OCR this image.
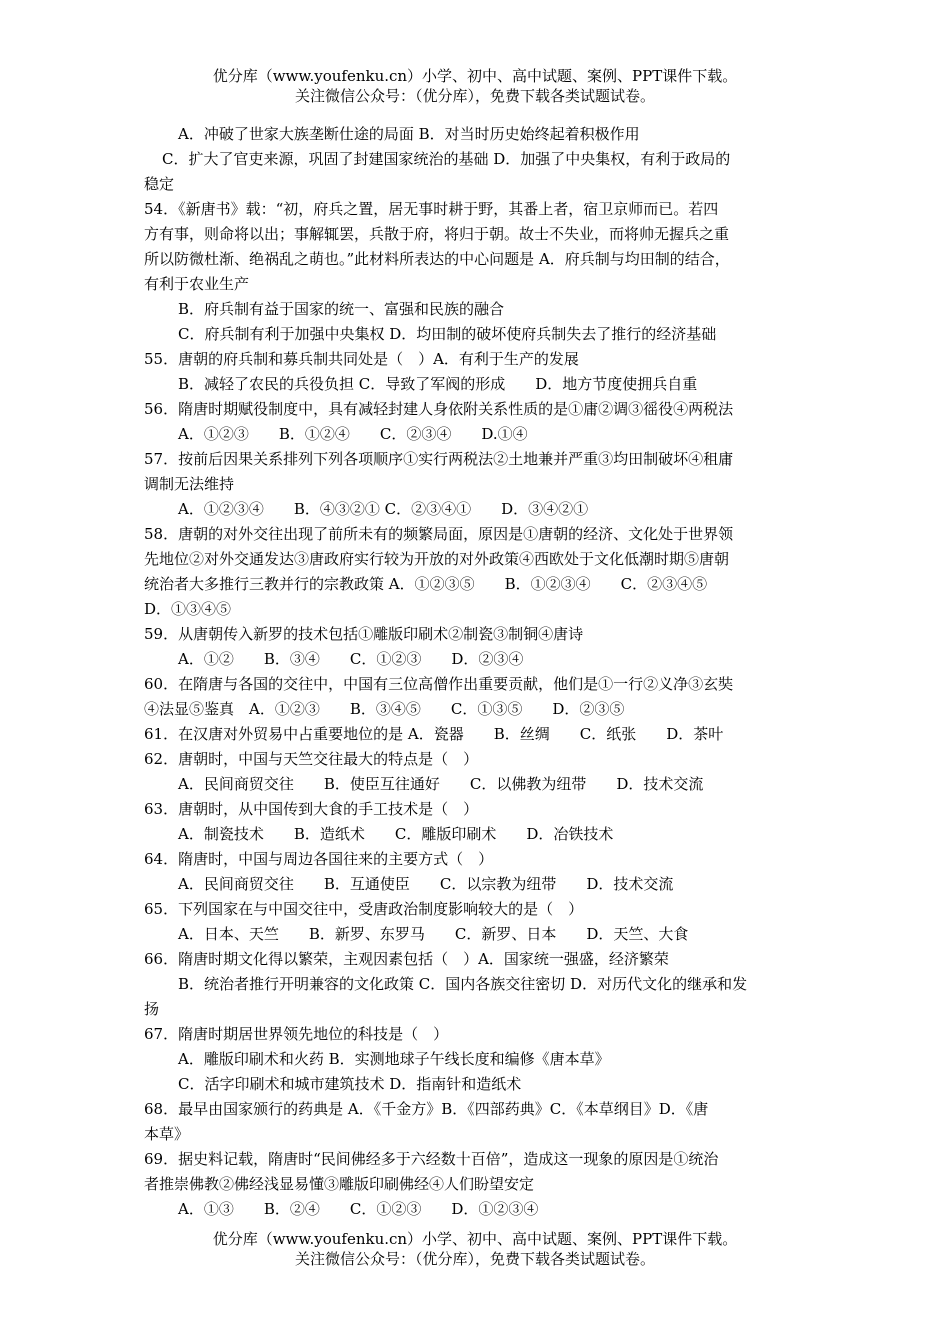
优分库（www.youfenku.cn）小学、初中、高中试题、案例、PPT课件下载。
关注微信公众号：（优分库），免费下载各类试题试卷。
A．冲破了世家大族垄断仕途的局面 B．对当时历史始终起着积极作用
C．扩大了官吏来源，巩固了封建国家统治的基础 D．加强了中央集权，有利于政局的
稳定
54．《新唐书》载：“初，府兵之置，居无事时耕于野，其番上者，宿卫京师而已。若四
方有事，则命将以出；事解辄罢，兵散于府，将归于朝。故士不失业，而将帅无握兵之重
所以防微杜渐、绝祸乱之萌也。”此材料所表达的中心问题是 A．府兵制与均田制的结合，
有利于农业生产
B．府兵制有益于国家的统一、富强和民族的融合
C．府兵制有利于加强中央集权 D．均田制的破坏使府兵制失去了推行的经济基础
55．唐朝的府兵制和募兵制共同处是（　）A．有利于生产的发展
B．减轻了农民的兵役负担 C．导致了军阀的形成　　D．地方节度使拥兵自重
56．隋唐时期赋役制度中，具有减轻封建人身依附关系性质的是①庸②调③徭役④两税法
A．①②③　　B．①②④　　C．②③④　　D.①④
57．按前后因果关系排列下列各项顺序①实行两税法②土地兼并严重③均田制破坏④租庸
调制无法维持
A．①②③④　　B．④③②① C．②③④①　　D．③④②①
58．唐朝的对外交往出现了前所未有的频繁局面，原因是①唐朝的经济、文化处于世界领
先地位②对外交通发达③唐政府实行较为开放的对外政策④西欧处于文化低潮时期⑤唐朝
统治者大多推行三教并行的宗教政策 A．①②③⑤　　B．①②③④　　C．②③④⑤
D．①③④⑤
59．从唐朝传入新罗的技术包括①雕版印刷术②制瓷③制铜④唐诗
A．①②　　B．③④　　C．①②③　　D．②③④
60．在隋唐与各国的交往中，中国有三位高僧作出重要贡献，他们是①一行②义净③玄奘
④法显⑤鉴真　A．①②③　　B．③④⑤　　C．①③⑤　　D．②③⑤
61．在汉唐对外贸易中占重要地位的是 A．瓷器　　B．丝绸　　C．纸张　　D．茶叶
62．唐朝时，中国与天竺交往最大的特点是（　）
A．民间商贸交往　　B．使臣互往通好　　C．以佛教为纽带　　D．技术交流
63．唐朝时，从中国传到大食的手工技术是（　）
A．制瓷技术　　B．造纸术　　C．雕版印刷术　　D．冶铁技术
64．隋唐时，中国与周边各国往来的主要方式（　）
A．民间商贸交往　　B．互通使臣　　C．以宗教为纽带　　D．技术交流
65．下列国家在与中国交往中，受唐政治制度影响较大的是（　）
A．日本、天竺　　B．新罗、东罗马　　C．新罗、日本　　D．天竺、大食
66．隋唐时期文化得以繁荣，主观因素包括（　）A．国家统一强盛，经济繁荣
B．统治者推行开明兼容的文化政策 C．国内各族交往密切 D．对历代文化的继承和发
扬
67．隋唐时期居世界领先地位的科技是（　）
A．雕版印刷术和火药 B．实测地球子午线长度和编修《唐本草》
C．活字印刷术和城市建筑技术 D．指南针和造纸术
68．最早由国家颁行的药典是 A．《千金方》B．《四部药典》C．《本草纲目》D．《唐
本草》
69．据史料记载，隋唐时“民间佛经多于六经数十百倍”，造成这一现象的原因是①统治
者推崇佛教②佛经浅显易懂③雕版印刷佛经④人们盼望安定
A．①③　　B．②④　　C．①②③　　D．①②③④
优分库（www.youfenku.cn）小学、初中、高中试题、案例、PPT课件下载。
关注微信公众号：（优分库），免费下载各类试题试卷。
